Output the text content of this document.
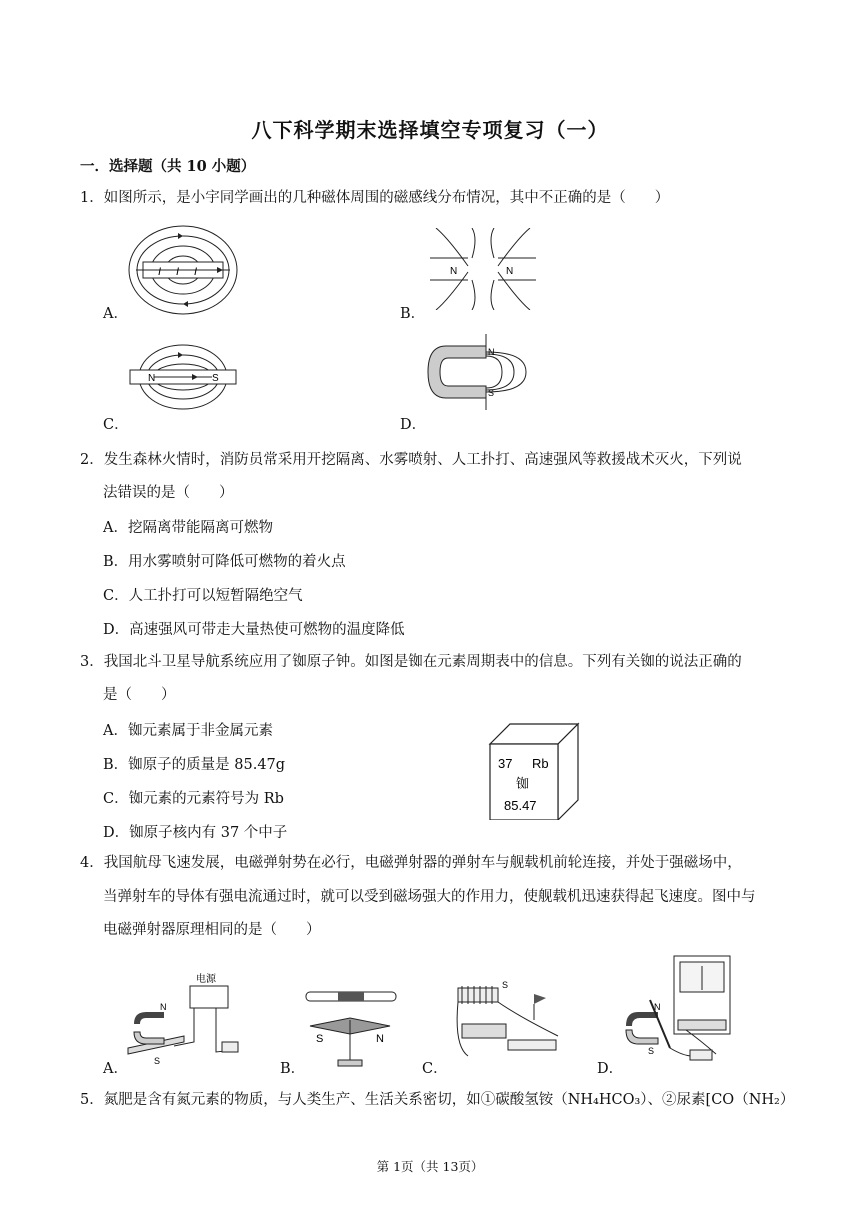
八下科学期末选择填空专项复习（一）
一．选择题（共 10 小题）
1．如图所示，是小宇同学画出的几种磁体周围的磁感线分布情况，其中不正确的是（　　）
I I I
A．
N	N
B．
N	S
C．
N
S
D．
2．发生森林火情时，消防员常采用开挖隔离、水雾喷射、人工扑打、高速强风等救援战术灭火，下列说
法错误的是（　　）
A．挖隔离带能隔离可燃物
B．用水雾喷射可降低可燃物的着火点
C．人工扑打可以短暂隔绝空气
D．高速强风可带走大量热使可燃物的温度降低
3．我国北斗卫星导航系统应用了铷原子钟。如图是铷在元素周期表中的信息。下列有关铷的说法正确的
是（　　）
A．铷元素属于非金属元素
B．铷原子的质量是 85.47g
C．铷元素的元素符号为 Rb
D．铷原子核内有 37 个中子
37 Rb
铷
85.47
4．我国航母飞速发展，电磁弹射势在必行，电磁弹射器的弹射车与舰载机前轮连接，并处于强磁场中，
当弹射车的导体有强电流通过时，就可以受到磁场强大的作用力，使舰载机迅速获得起飞速度。图中与
电磁弹射器原理相同的是（　　）
电源
N
S
A．
S	N
B．
S
C．
N
S
D．
5．氮肥是含有氮元素的物质，与人类生产、生活关系密切，如①碳酸氢铵（NH₄HCO₃）、②尿素[CO（NH₂）
第 1页（共 13页）
